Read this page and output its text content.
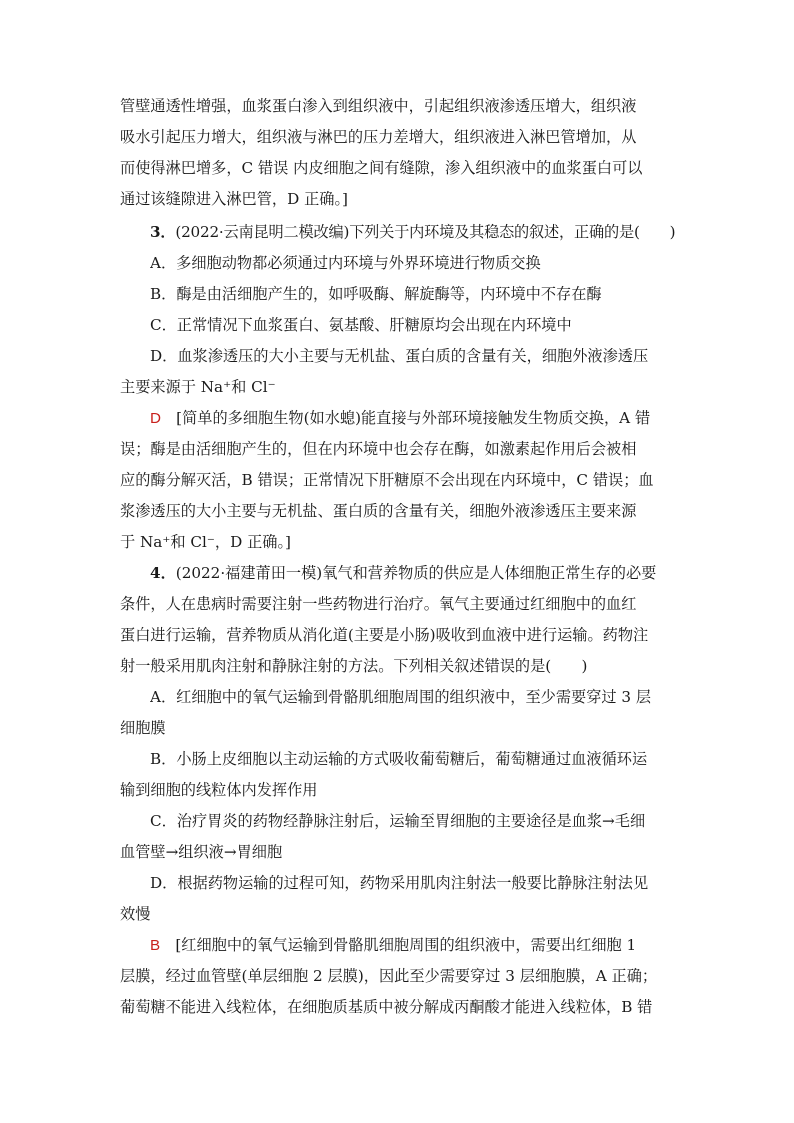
管壁通透性增强，血浆蛋白渗入到组织液中，引起组织液渗透压增大，组织液
吸水引起压力增大，组织液与淋巴的压力差增大，组织液进入淋巴管增加，从
而使得淋巴增多，C 错误 内皮细胞之间有缝隙，渗入组织液中的血浆蛋白可以
通过该缝隙进入淋巴管，D 正确。]
3．(2022·云南昆明二模改编)下列关于内环境及其稳态的叙述，正确的是(　　)
A．多细胞动物都必须通过内环境与外界环境进行物质交换
B．酶是由活细胞产生的，如呼吸酶、解旋酶等，内环境中不存在酶
C．正常情况下血浆蛋白、氨基酸、肝糖原均会出现在内环境中
D．血浆渗透压的大小主要与无机盐、蛋白质的含量有关，细胞外液渗透压
主要来源于 Na⁺和 Cl⁻
D　 [简单的多细胞生物(如水螅)能直接与外部环境接触发生物质交换，A 错
误；酶是由活细胞产生的，但在内环境中也会存在酶，如激素起作用后会被相
应的酶分解灭活，B 错误；正常情况下肝糖原不会出现在内环境中，C 错误；血
浆渗透压的大小主要与无机盐、蛋白质的含量有关，细胞外液渗透压主要来源
于 Na⁺和 Cl⁻，D 正确。]
4．(2022·福建莆田一模)氧气和营养物质的供应是人体细胞正常生存的必要
条件，人在患病时需要注射一些药物进行治疗。氧气主要通过红细胞中的血红
蛋白进行运输，营养物质从消化道(主要是小肠)吸收到血液中进行运输。药物注
射一般采用肌肉注射和静脉注射的方法。下列相关叙述错误的是(　　)
A．红细胞中的氧气运输到骨骼肌细胞周围的组织液中，至少需要穿过 3 层
细胞膜
B．小肠上皮细胞以主动运输的方式吸收葡萄糖后，葡萄糖通过血液循环运
输到细胞的线粒体内发挥作用
C．治疗胃炎的药物经静脉注射后，运输至胃细胞的主要途径是血浆→毛细
血管壁→组织液→胃细胞
D．根据药物运输的过程可知，药物采用肌肉注射法一般要比静脉注射法见
效慢
B　 [红细胞中的氧气运输到骨骼肌细胞周围的组织液中，需要出红细胞 1
层膜，经过血管壁(单层细胞 2 层膜)，因此至少需要穿过 3 层细胞膜，A 正确；
葡萄糖不能进入线粒体，在细胞质基质中被分解成丙酮酸才能进入线粒体，B 错
